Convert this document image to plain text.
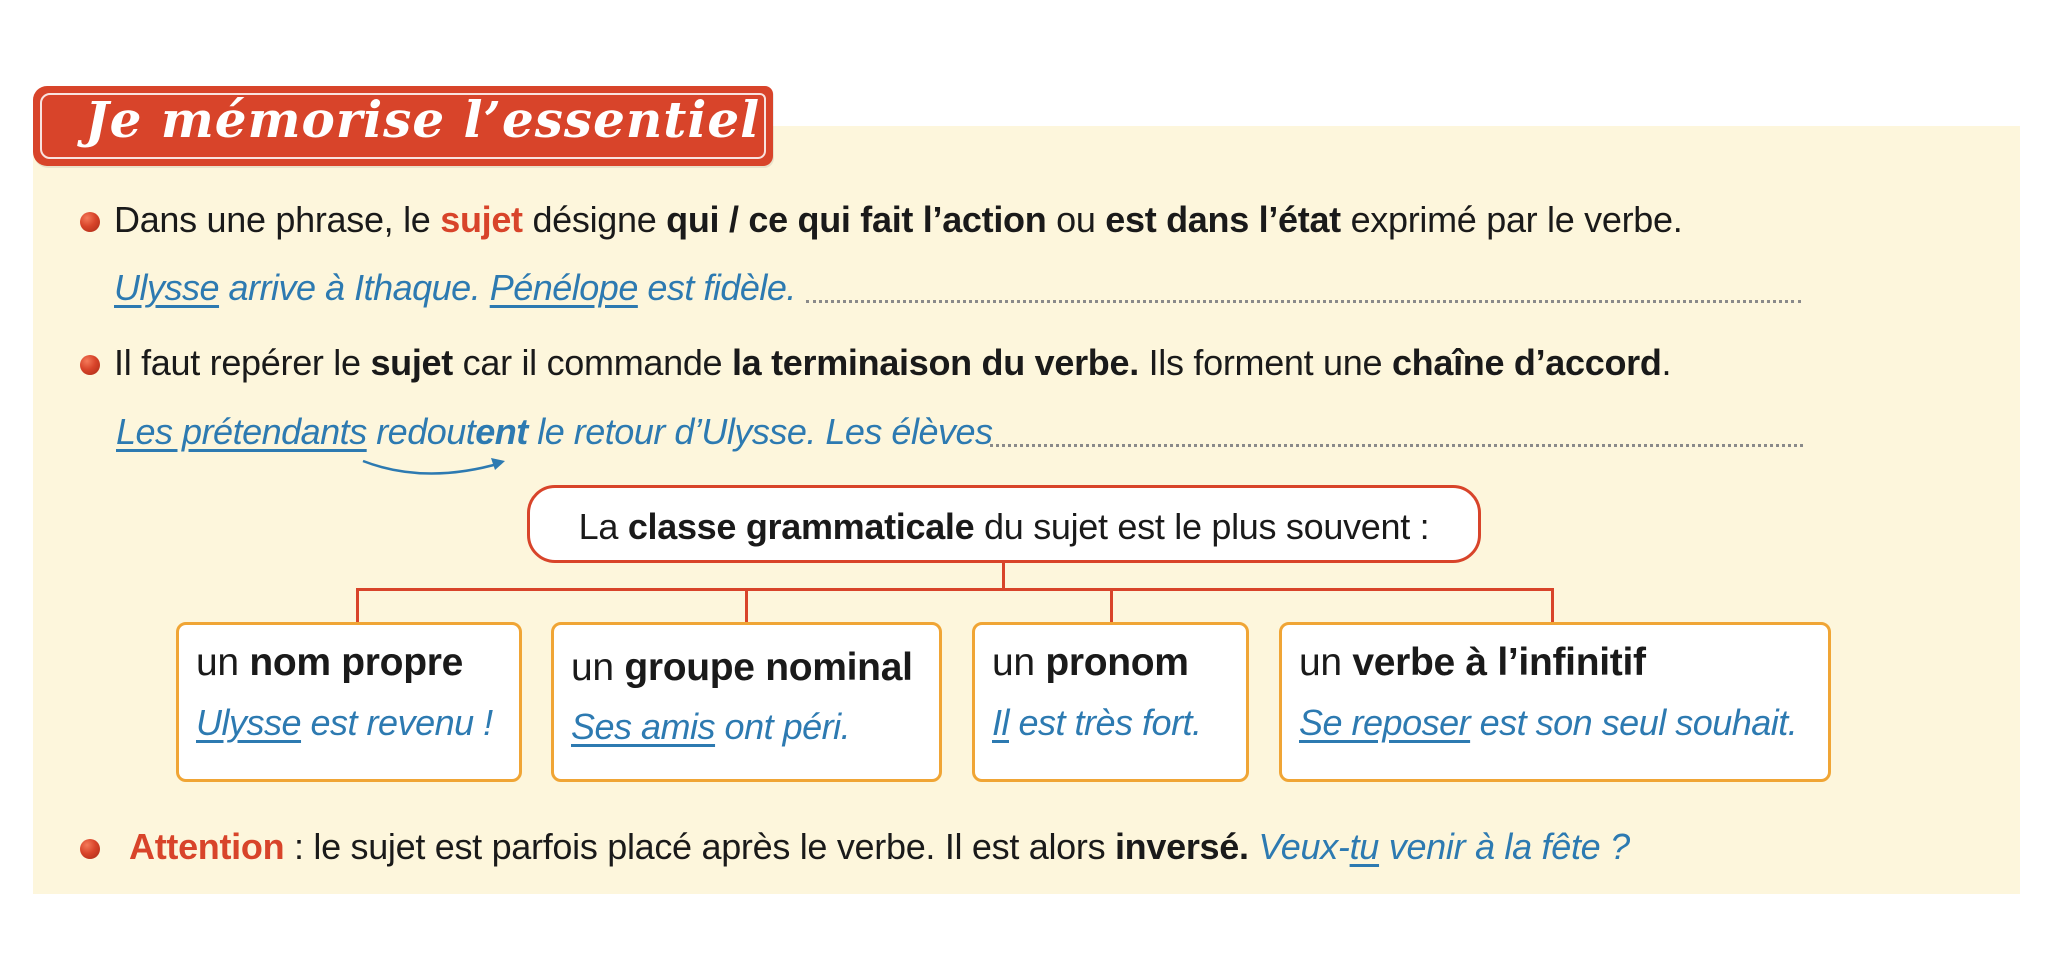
Je mémorise l’essentiel
Dans une phrase, le sujet désigne qui / ce qui fait l’action ou est dans l’état exprimé par le verbe.
Ulysse arrive à Ithaque. Pénélope est fidèle.
Il faut repérer le sujet car il commande la terminaison du verbe. Ils forment une chaîne d’accord.
Les prétendants redoutent le retour d’Ulysse. Les élèves
La classe grammaticale du sujet est le plus souvent :
un nom propre
Ulysse est revenu !
un groupe nominal
Ses amis ont péri.
un pronom
Il est très fort.
un verbe à l’infinitif
Se reposer est son seul souhait.
Attention : le sujet est parfois placé après le verbe. Il est alors inversé. Veux-tu venir à la fête ?
